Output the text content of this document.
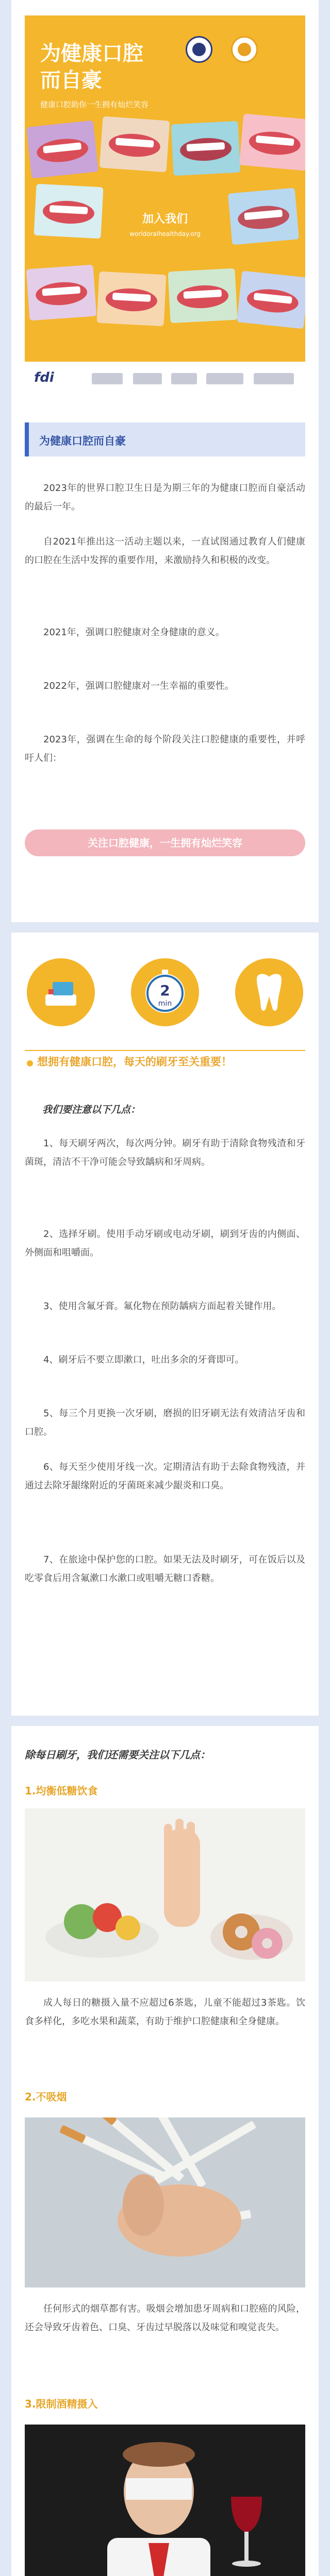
为健康口腔
而自豪
健康口腔助你一生拥有灿烂笑容
加入我们
worldoralhealthday.org
fdi
为健康口腔而自豪
2023年的世界口腔卫生日是为期三年的为健康口腔而自豪活动的最后一年。
自2021年推出这一活动主题以来，一直试图通过教育人们健康的口腔在生活中发挥的重要作用，来激励持久和积极的改变。
2021年，强调口腔健康对全身健康的意义。
2022年，强调口腔健康对一生幸福的重要性。
2023年，强调在生命的每个阶段关注口腔健康的重要性，并呼吁人们：
关注口腔健康，一生拥有灿烂笑容
2
min
想拥有健康口腔，每天的刷牙至关重要！
我们要注意以下几点：
1、每天刷牙两次，每次两分钟。刷牙有助于清除食物残渣和牙菌斑，清洁不干净可能会导致龋病和牙周病。
2、选择牙刷。使用手动牙刷或电动牙刷，刷到牙齿的内侧面、外侧面和咀嚼面。
3、使用含氟牙膏。氟化物在预防龋病方面起着关键作用。
4、刷牙后不要立即漱口，吐出多余的牙膏即可。
5、每三个月更换一次牙刷，磨损的旧牙刷无法有效清洁牙齿和口腔。
6、每天至少使用牙线一次。定期清洁有助于去除食物残渣，并通过去除牙龈缘附近的牙菌斑来减少龈炎和口臭。
7、在旅途中保护您的口腔。如果无法及时刷牙，可在饭后以及吃零食后用含氟漱口水漱口或咀嚼无糖口香糖。
除每日刷牙，我们还需要关注以下几点：
1.均衡低糖饮食
成人每日的糖摄入量不应超过6茶匙，儿童不能超过3茶匙。饮食多样化，多吃水果和蔬菜，有助于维护口腔健康和全身健康。
2.不吸烟
任何形式的烟草都有害。吸烟会增加患牙周病和口腔癌的风险，还会导致牙齿着色、口臭、牙齿过早脱落以及味觉和嗅觉丧失。
3.限制酒精摄入
